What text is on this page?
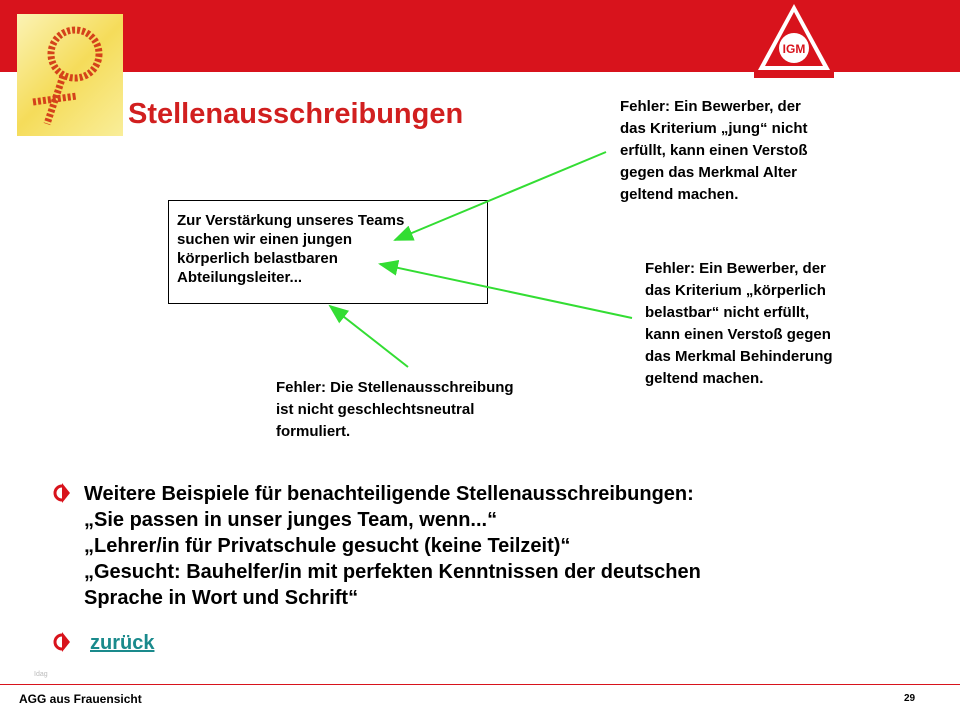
IGM
Stellenausschreibungen
Zur Verstärkung unseres Teams
suchen wir einen jungen
körperlich belastbaren
Abteilungsleiter...
Fehler: Ein Bewerber, der
das Kriterium „jung“ nicht
erfüllt, kann einen Verstoß
gegen das Merkmal Alter
geltend machen.
Fehler: Ein Bewerber, der
das Kriterium „körperlich
belastbar“ nicht erfüllt,
kann einen Verstoß gegen
das Merkmal Behinderung
geltend machen.
Fehler: Die Stellenausschreibung
ist nicht geschlechtsneutral
formuliert.
Weitere Beispiele für benachteiligende Stellenausschreibungen:
„Sie passen in unser junges Team, wenn...“
„Lehrer/in für Privatschule gesucht (keine Teilzeit)“
„Gesucht: Bauhelfer/in mit perfekten Kenntnissen der deutschen
Sprache in Wort und Schrift“
zurück
Idag
AGG aus Frauensicht	29
